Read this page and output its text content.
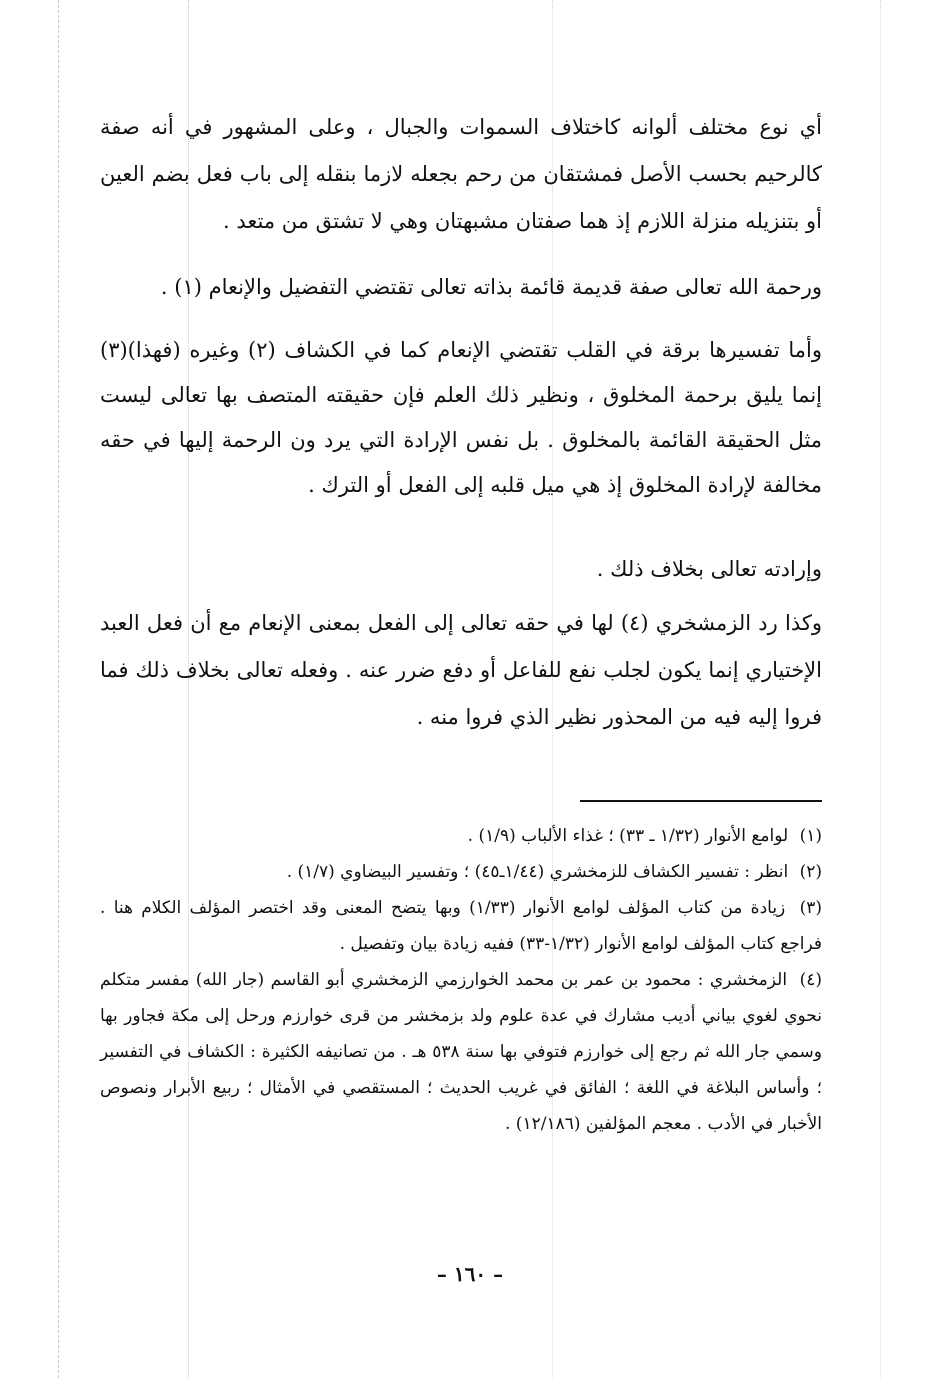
أي نوع مختلف ألوانه كاختلاف السموات والجبال ، وعلى المشهور في أنه صفة كالرحيم بحسب الأصل فمشتقان من رحم بجعله لازما بنقله إلى باب فعل بضم العين أو بتنزيله منزلة اللازم إذ هما صفتان مشبهتان وهي لا تشتق من متعد .

ورحمة الله تعالى صفة قديمة قائمة بذاته تعالى تقتضي التفضيل والإنعام (١) .

وأما تفسيرها برقة في القلب تقتضي الإنعام كما في الكشاف (٢) وغيره (فهذا)(٣) إنما يليق برحمة المخلوق ، ونظير ذلك العلم فإن حقيقته المتصف بها تعالى ليست مثل الحقيقة القائمة بالمخلوق . بل نفس الإرادة التي يرد ون الرحمة إليها في حقه مخالفة لإرادة المخلوق إذ هي ميل قلبه إلى الفعل أو الترك .

وإرادته تعالى بخلاف ذلك .

وكذا رد الزمشخري (٤) لها في حقه تعالى إلى الفعل بمعنى الإنعام مع أن فعل العبد الإختياري إنما يكون لجلب نفع للفاعل أو دفع ضرر عنه . وفعله تعالى بخلاف ذلك فما فروا إليه فيه من المحذور نظير الذي فروا منه .

(١) لوامع الأنوار (١/٣٢ ـ ٣٣) ؛ غذاء الألباب (١/٩) .
(٢) انظر : تفسير الكشاف للزمخشري (١/٤٤ـ٤٥) ؛ وتفسير البيضاوي (١/٧) .
(٣) زيادة من كتاب المؤلف لوامع الأنوار (١/٣٣) وبها يتضح المعنى وقد اختصر المؤلف الكلام هنا . فراجع كتاب المؤلف لوامع الأنوار (١/٣٢-٣٣) ففيه زيادة بيان وتفصيل .
(٤) الزمخشري : محمود بن عمر بن محمد الخوارزمي الزمخشري أبو القاسم (جار الله) مفسر متكلم نحوي لغوي بياني أديب مشارك في عدة علوم ولد بزمخشر من قرى خوارزم ورحل إلى مكة فجاور بها وسمي جار الله ثم رجع إلى خوارزم فتوفي بها سنة ٥٣٨ هـ . من تصانيفه الكثيرة : الكشاف في التفسير ؛ وأساس البلاغة في اللغة ؛ الفائق في غريب الحديث ؛ المستقصي في الأمثال ؛ ربيع الأبرار ونصوص الأخبار في الأدب . معجم المؤلفين (١٢/١٨٦) .
– ١٦٠ –
